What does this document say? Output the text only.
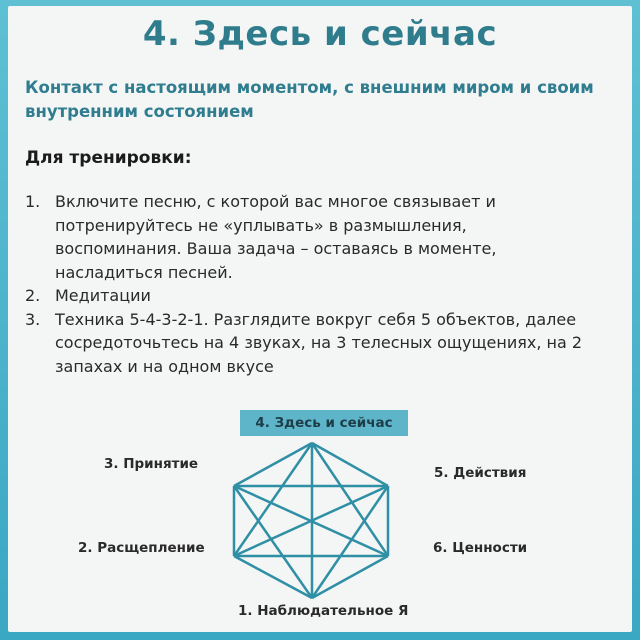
4. Здесь и сейчас
Контакт с настоящим моментом, с внешним миром и своим внутренним состоянием
Для тренировки:
1. Включите песню, с которой вас многое связывает и потренируйтесь не «уплывать» в размышления, воспоминания. Ваша задача – оставаясь в моменте, насладиться песней.
2. Медитации
3. Техника 5-4-3-2-1. Разглядите вокруг себя 5 объектов, далее сосредоточьтесь на 4 звуках, на 3 телесных ощущениях, на 2 запахах и на одном вкусе
4. Здесь и сейчас
3. Принятие
5. Действия
2. Расщепление	6. Ценности
1. Наблюдательное Я
